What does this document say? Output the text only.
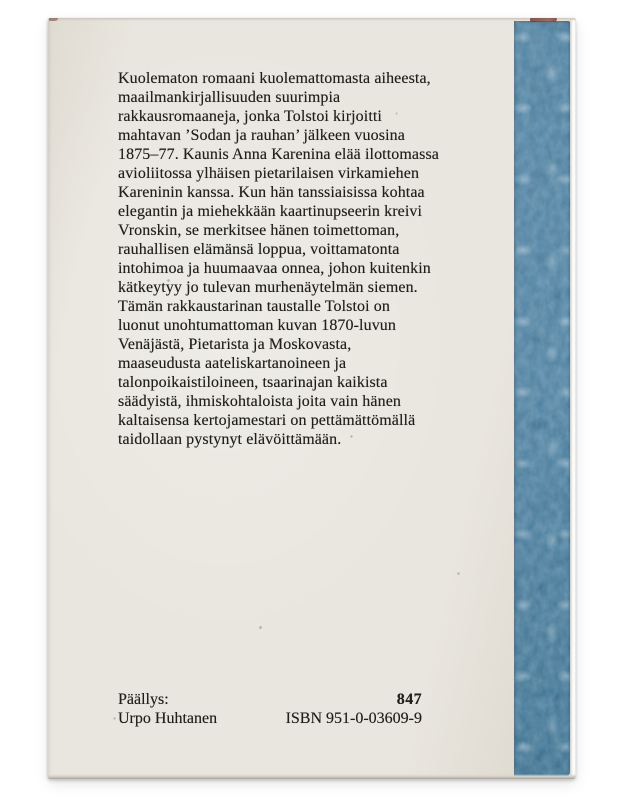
Kuolematon romaani kuolemattomasta aiheesta,
maailmankirjallisuuden suurimpia
rakkausromaaneja, jonka Tolstoi kirjoitti
mahtavan ’Sodan ja rauhan’ jälkeen vuosina
1875–77. Kaunis Anna Karenina elää ilottomassa
avioliitossa ylhäisen pietarilaisen virkamiehen
Kareninin kanssa. Kun hän tanssiaisissa kohtaa
elegantin ja miehekkään kaartinupseerin kreivi
Vronskin, se merkitsee hänen toimettoman,
rauhallisen elämänsä loppua, voittamatonta
intohimoa ja huumaavaa onnea, johon kuitenkin
kätkeytyy jo tulevan murhenäytelmän siemen.
Tämän rakkaustarinan taustalle Tolstoi on
luonut unohtumattoman kuvan 1870-luvun
Venäjästä, Pietarista ja Moskovasta,
maaseudusta aateliskartanoineen ja
talonpoikaistiloineen, tsaarinajan kaikista
säädyistä, ihmiskohtaloista joita vain hänen
kaltaisensa kertojamestari on pettämättömällä
taidollaan pystynyt elävöittämään.
Päällys:
Urpo Huhtanen
847
ISBN 951-0-03609-9
